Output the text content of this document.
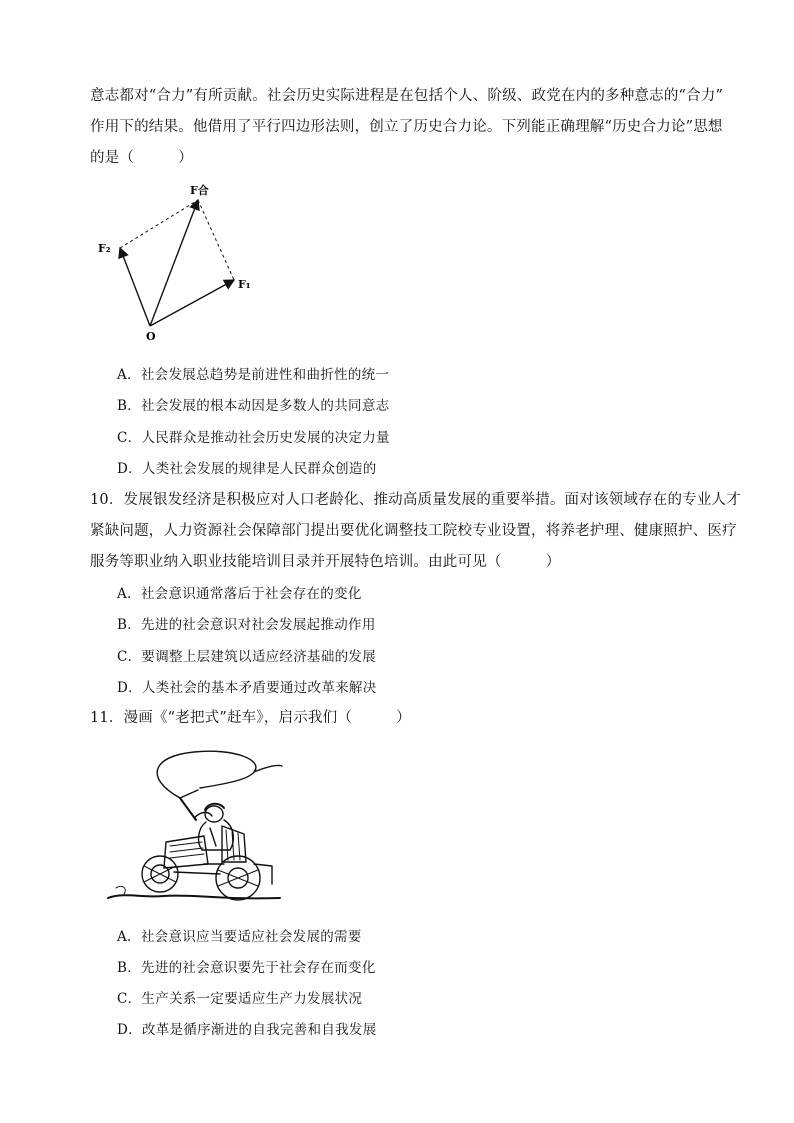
意志都对“合力”有所贡献。社会历史实际进程是在包括个人、阶级、政党在内的多种意志的“合力”
作用下的结果。他借用了平行四边形法则，创立了历史合力论。下列能正确理解“历史合力论”思想
的是（　　　）
F合
F₂
F₁
O
A．社会发展总趋势是前进性和曲折性的统一
B．社会发展的根本动因是多数人的共同意志
C．人民群众是推动社会历史发展的决定力量
D．人类社会发展的规律是人民群众创造的
10．发展银发经济是积极应对人口老龄化、推动高质量发展的重要举措。面对该领域存在的专业人才
紧缺问题，人力资源社会保障部门提出要优化调整技工院校专业设置，将养老护理、健康照护、医疗
服务等职业纳入职业技能培训目录并开展特色培训。由此可见（　　　）
A．社会意识通常落后于社会存在的变化
B．先进的社会意识对社会发展起推动作用
C．要调整上层建筑以适应经济基础的发展
D．人类社会的基本矛盾要通过改革来解决
11．漫画《“老把式”赶车》，启示我们（　　　）
A．社会意识应当要适应社会发展的需要
B．先进的社会意识要先于社会存在而变化
C．生产关系一定要适应生产力发展状况
D．改革是循序渐进的自我完善和自我发展
